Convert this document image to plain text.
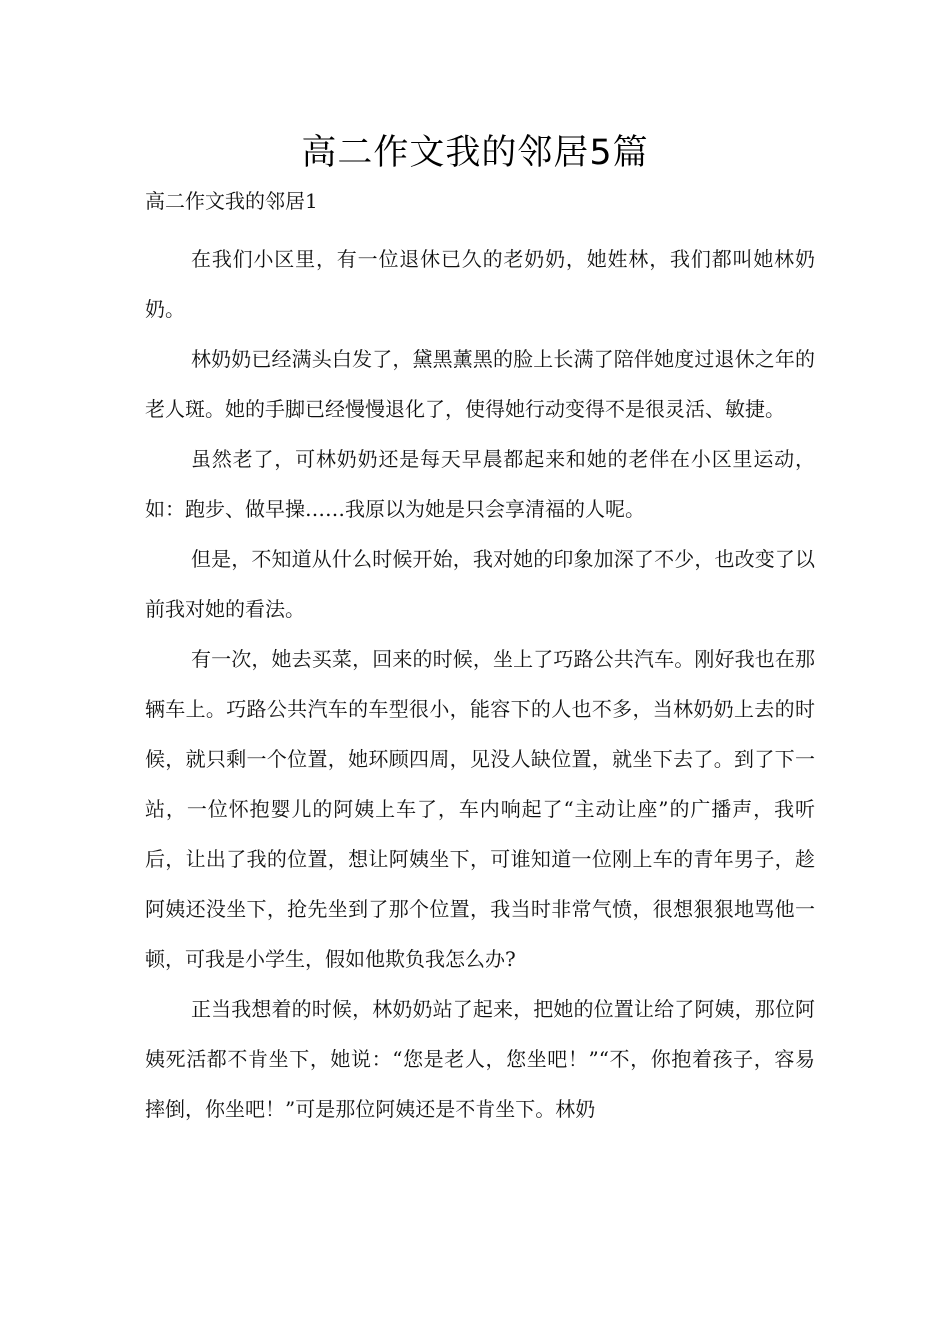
高二作文我的邻居5篇
高二作文我的邻居1

在我们小区里，有一位退休已久的老奶奶，她姓林，我们都叫她林奶奶。

林奶奶已经满头白发了，黛黑薰黑的脸上长满了陪伴她度过退休之年的老人斑。她的手脚已经慢慢退化了，使得她行动变得不是很灵活、敏捷。

虽然老了，可林奶奶还是每天早晨都起来和她的老伴在小区里运动，如：跑步、做早操……我原以为她是只会享清福的人呢。

但是，不知道从什么时候开始，我对她的印象加深了不少，也改变了以前我对她的看法。

有一次，她去买菜，回来的时候，坐上了巧路公共汽车。刚好我也在那辆车上。巧路公共汽车的车型很小，能容下的人也不多，当林奶奶上去的时候，就只剩一个位置，她环顾四周，见没人缺位置，就坐下去了。到了下一站，一位怀抱婴儿的阿姨上车了，车内响起了“主动让座”的广播声，我听后，让出了我的位置，想让阿姨坐下，可谁知道一位刚上车的青年男子，趁阿姨还没坐下，抢先坐到了那个位置，我当时非常气愤，很想狠狠地骂他一顿，可我是小学生，假如他欺负我怎么办?

正当我想着的时候，林奶奶站了起来，把她的位置让给了阿姨，那位阿姨死活都不肯坐下，她说：“您是老人，您坐吧！”“不，你抱着孩子，容易摔倒，你坐吧！”可是那位阿姨还是不肯坐下。林奶
